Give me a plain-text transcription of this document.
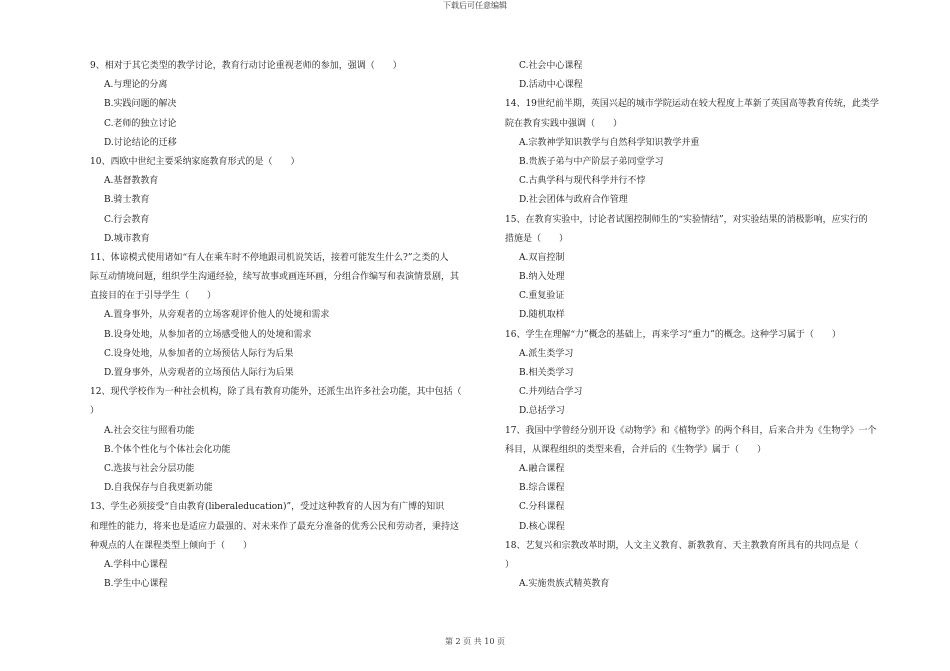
下载后可任意编辑
9、相对于其它类型的教学讨论，教育行动讨论重视老师的参加，强调（　　）
A.与理论的分离
B.实践问题的解决
C.老师的独立讨论
D.讨论结论的迁移
10、西欧中世纪主要采纳家庭教育形式的是（　　）
A.基督教教育
B.骑士教育
C.行会教育
D.城市教育
11、体谅模式使用诸如“有人在乘车时不停地跟司机说笑话，接着可能发生什么?”之类的人
际互动情境问题，组织学生沟通经验，续写故事或画连环画，分组合作编写和表演情景剧，其
直接目的在于引导学生（　　）
A.置身事外，从旁观者的立场客观评价他人的处境和需求
B.设身处地，从参加者的立场感受他人的处境和需求
C.设身处地，从参加者的立场预估人际行为后果
D.置身事外，从旁观者的立场预估人际行为后果
12、现代学校作为一种社会机构，除了具有教育功能外，还派生出许多社会功能，其中包括（
）
A.社会交往与照看功能
B.个体个性化与个体社会化功能
C.选拔与社会分层功能
D.自我保存与自我更新功能
13、学生必须接受“自由教育(liberaleducation)”，受过这种教育的人因为有广博的知识
和理性的能力，将来也是适应力最强的、对未来作了最充分准备的优秀公民和劳动者，秉持这
种观点的人在课程类型上倾向于（　　）
A.学科中心课程
B.学生中心课程
C.社会中心课程
D.活动中心课程
14、19世纪前半期，英国兴起的城市学院运动在较大程度上革新了英国高等教育传统，此类学
院在教育实践中强调（　　）
A.宗教神学知识教学与自然科学知识教学并重
B.贵族子弟与中产阶层子弟同堂学习
C.古典学科与现代科学并行不悖
D.社会团体与政府合作管理
15、在教育实验中，讨论者试图控制师生的“实验情结”，对实验结果的消极影响，应实行的
措施是（　　）
A.双盲控制
B.纳入处理
C.重复验证
D.随机取样
16、学生在理解“力”概念的基础上，再来学习“重力”的概念。这种学习属于（　　）
A.派生类学习
B.相关类学习
C.并列结合学习
D.总括学习
17、我国中学曾经分别开设《动物学》和《植物学》的两个科目，后来合并为《生物学》一个
科目，从课程组织的类型来看，合并后的《生物学》属于（　　）
A.融合课程
B.综合课程
C.分科课程
D.核心课程
18、艺复兴和宗教改革时期，人文主义教育、新教教育、天主教教育所具有的共同点是（
）
A.实施贵族式精英教育
第 2 页 共 10 页
